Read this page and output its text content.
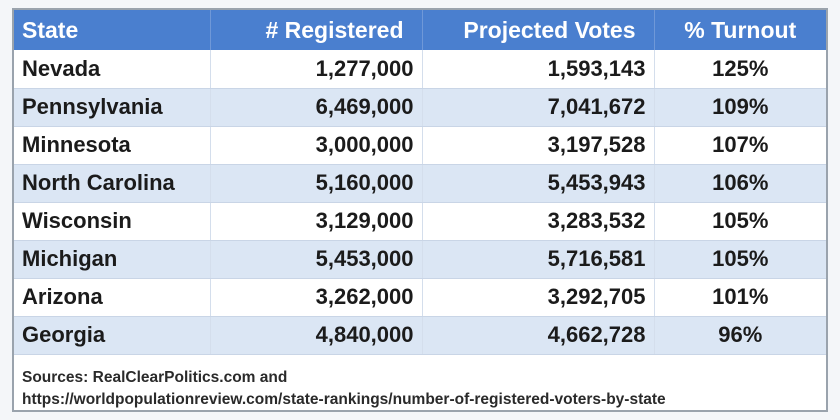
State	# Registered	Projected Votes	% Turnout
Nevada	1,277,000	1,593,143	125%
Pennsylvania	6,469,000	7,041,672	109%
Minnesota	3,000,000	3,197,528	107%
North Carolina	5,160,000	5,453,943	106%
Wisconsin	3,129,000	3,283,532	105%
Michigan	5,453,000	5,716,581	105%
Arizona	3,262,000	3,292,705	101%
Georgia	4,840,000	4,662,728	96%
Sources: RealClearPolitics.com and
https://worldpopulationreview.com/state-rankings/number-of-registered-voters-by-state
